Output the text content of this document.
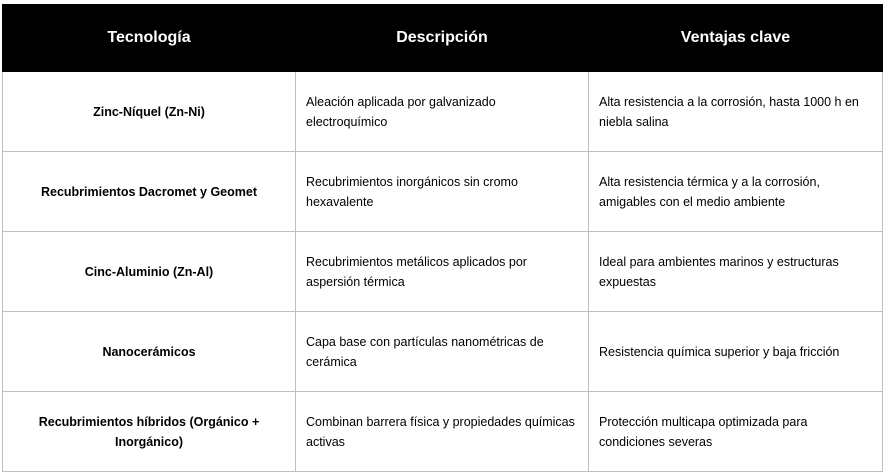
Tecnología	Descripción	Ventajas clave
Zinc-Níquel (Zn-Ni)	Aleación aplicada por galvanizado electroquímico	Alta resistencia a la corrosión, hasta 1000 h en niebla salina
Recubrimientos Dacromet y Geomet	Recubrimientos inorgánicos sin cromo hexavalente	Alta resistencia térmica y a la corrosión, amigables con el medio ambiente
Cinc-Aluminio (Zn-Al)	Recubrimientos metálicos aplicados por aspersión térmica	Ideal para ambientes marinos y estructuras expuestas
Nanocerámicos	Capa base con partículas nanométricas de cerámica	Resistencia química superior y baja fricción
Recubrimientos híbridos (Orgánico + Inorgánico)	Combinan barrera física y propiedades químicas activas	Protección multicapa optimizada para condiciones severas
